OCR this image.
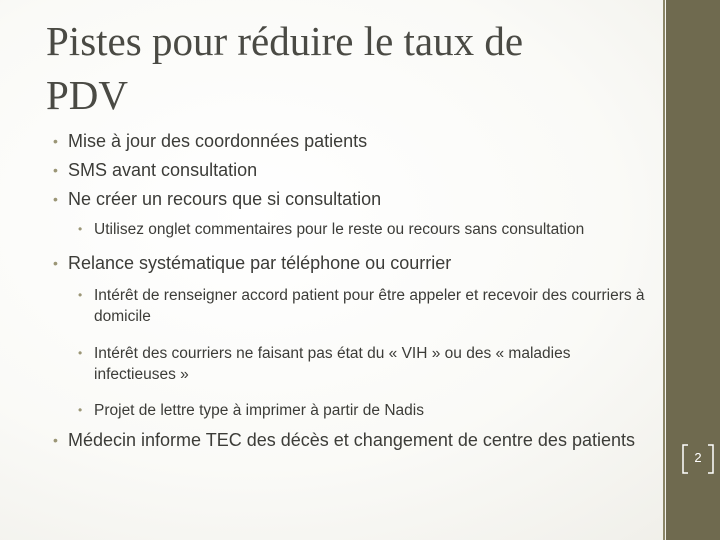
Pistes pour réduire le taux de
PDV

• Mise à jour des coordonnées patients

• SMS avant consultation

• Ne créer un recours que si consultation

• Utilisez onglet commentaires pour le reste ou recours sans consultation

• Relance systématique par téléphone ou courrier

• Intérêt de renseigner accord patient pour être appeler et recevoir des courriers à domicile

• Intérêt des courriers ne faisant pas état du « VIH » ou des « maladies infectieuses »

• Projet de lettre type à imprimer à partir de Nadis

• Médecin informe TEC des décès et changement de centre des patients

2
